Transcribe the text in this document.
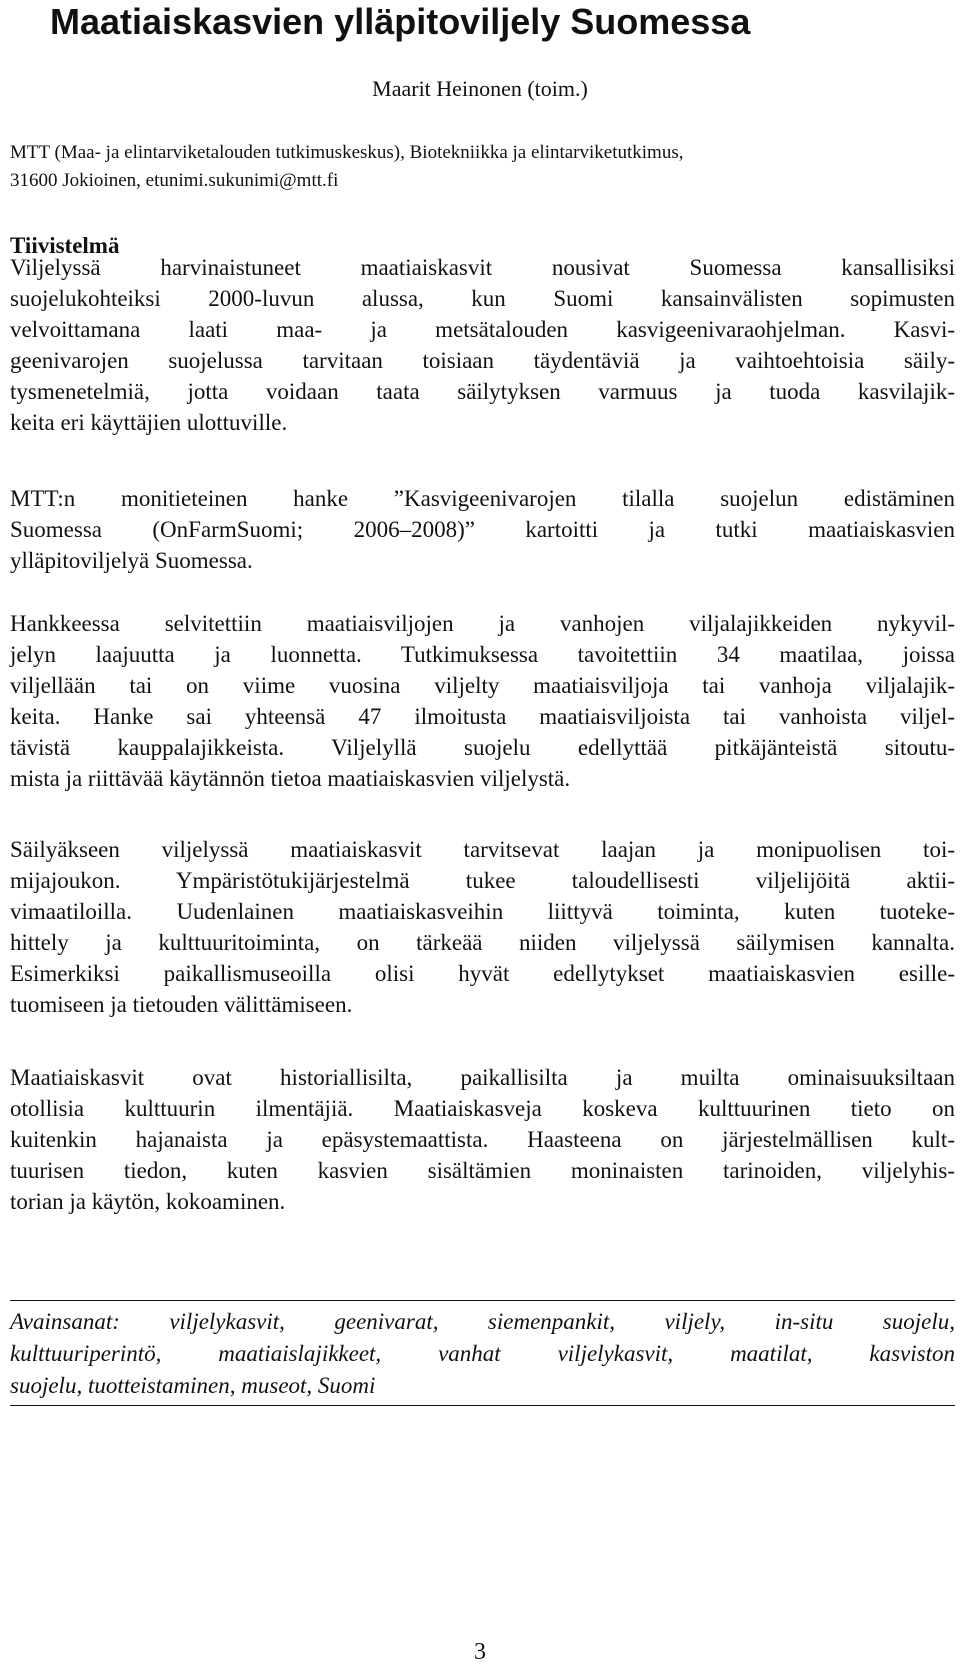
Maatiaiskasvien ylläpitoviljely Suomessa
Maarit Heinonen (toim.)
MTT (Maa- ja elintarviketalouden tutkimuskeskus), Biotekniikka ja elintarviketutkimus,
31600 Jokioinen, etunimi.sukunimi@mtt.fi
Tiivistelmä
Viljelyssä harvinaistuneet maatiaiskasvit nousivat Suomessa kansallisiksi
suojelukohteiksi 2000-luvun alussa, kun Suomi kansainvälisten sopimusten
velvoittamana laati maa- ja metsätalouden kasvigeenivaraohjelman. Kasvi-
geenivarojen suojelussa tarvitaan toisiaan täydentäviä ja vaihtoehtoisia säily-
tysmenetelmiä, jotta voidaan taata säilytyksen varmuus ja tuoda kasvilajik-
keita eri käyttäjien ulottuville.
MTT:n monitieteinen hanke ”Kasvigeenivarojen tilalla suojelun edistäminen
Suomessa (OnFarmSuomi; 2006–2008)” kartoitti ja tutki maatiaiskasvien
ylläpitoviljelyä Suomessa.
Hankkeessa selvitettiin maatiaisviljojen ja vanhojen viljalajikkeiden nykyvil-
jelyn laajuutta ja luonnetta. Tutkimuksessa tavoitettiin 34 maatilaa, joissa
viljellään tai on viime vuosina viljelty maatiaisviljoja tai vanhoja viljalajik-
keita. Hanke sai yhteensä 47 ilmoitusta maatiaisviljoista tai vanhoista viljel-
tävistä kauppalajikkeista. Viljelyllä suojelu edellyttää pitkäjänteistä sitoutu-
mista ja riittävää käytännön tietoa maatiaiskasvien viljelystä.
Säilyäkseen viljelyssä maatiaiskasvit tarvitsevat laajan ja monipuolisen toi-
mijajoukon. Ympäristötukijärjestelmä tukee taloudellisesti viljelijöitä aktii-
vimaatiloilla. Uudenlainen maatiaiskasveihin liittyvä toiminta, kuten tuoteke-
hittely ja kulttuuritoiminta, on tärkeää niiden viljelyssä säilymisen kannalta.
Esimerkiksi paikallismuseoilla olisi hyvät edellytykset maatiaiskasvien esille-
tuomiseen ja tietouden välittämiseen.
Maatiaiskasvit ovat historiallisilta, paikallisilta ja muilta ominaisuuksiltaan
otollisia kulttuurin ilmentäjiä. Maatiaiskasveja koskeva kulttuurinen tieto on
kuitenkin hajanaista ja epäsystemaattista. Haasteena on järjestelmällisen kult-
tuurisen tiedon, kuten kasvien sisältämien moninaisten tarinoiden, viljelyhis-
torian ja käytön, kokoaminen.
Avainsanat: viljelykasvit, geenivarat, siemenpankit, viljely, in-situ suojelu,
kulttuuriperintö, maatiaislajikkeet, vanhat viljelykasvit, maatilat, kasviston
suojelu, tuotteistaminen, museot, Suomi
3
